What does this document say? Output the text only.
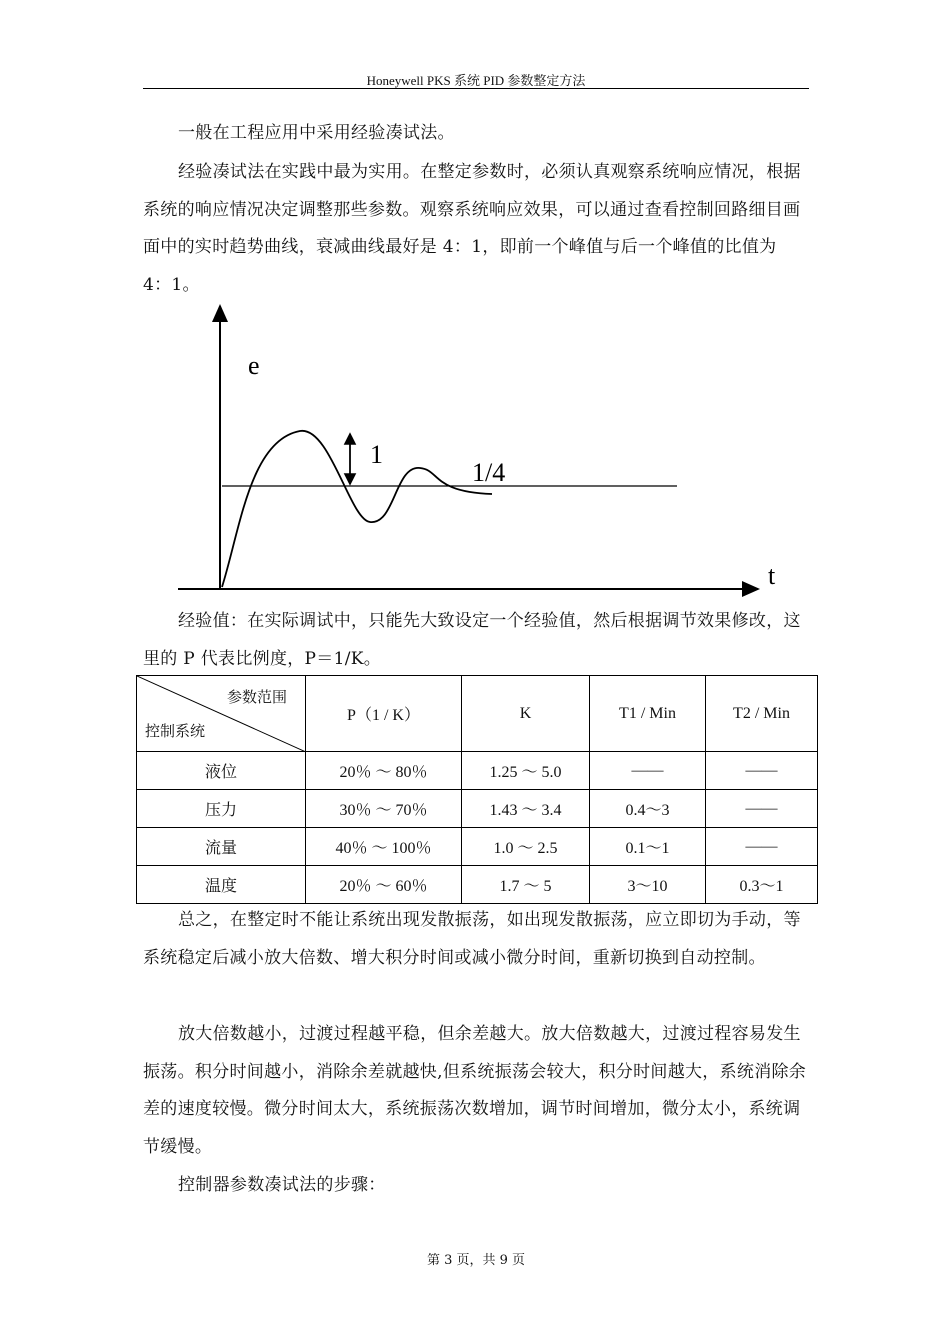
Honeywell PKS 系统 PID 参数整定方法
一般在工程应用中采用经验凑试法。
经验凑试法在实践中最为实用。在整定参数时，必须认真观察系统响应情况，根据系统的响应情况决定调整那些参数。观察系统响应效果，可以通过查看控制回路细目画面中的实时趋势曲线，衰减曲线最好是 4：1，即前一个峰值与后一个峰值的比值为 4：1。
e
t
1
1/4
经验值：在实际调试中，只能先大致设定一个经验值，然后根据调节效果修改，这里的 P 代表比例度，P＝1/K。
参数范围
控制系统	P（1 / K）	K	T1 / Min	T2 / Min
液位	20％ ～ 80％	1.25 ～ 5.0	——	——
压力	30％ ～ 70％	1.43 ～ 3.4	0.4～3	——
流量	40％ ～ 100％	1.0 ～ 2.5	0.1～1	——
温度	20％ ～ 60％	1.7 ～ 5	3～10	0.3～1
总之，在整定时不能让系统出现发散振荡，如出现发散振荡，应立即切为手动，等系统稳定后减小放大倍数、增大积分时间或减小微分时间，重新切换到自动控制。
放大倍数越小，过渡过程越平稳，但余差越大。放大倍数越大，过渡过程容易发生振荡。积分时间越小，消除余差就越快,但系统振荡会较大，积分时间越大，系统消除余差的速度较慢。微分时间太大，系统振荡次数增加，调节时间增加，微分太小，系统调节缓慢。
控制器参数凑试法的步骤：
第 3 页，共 9 页
